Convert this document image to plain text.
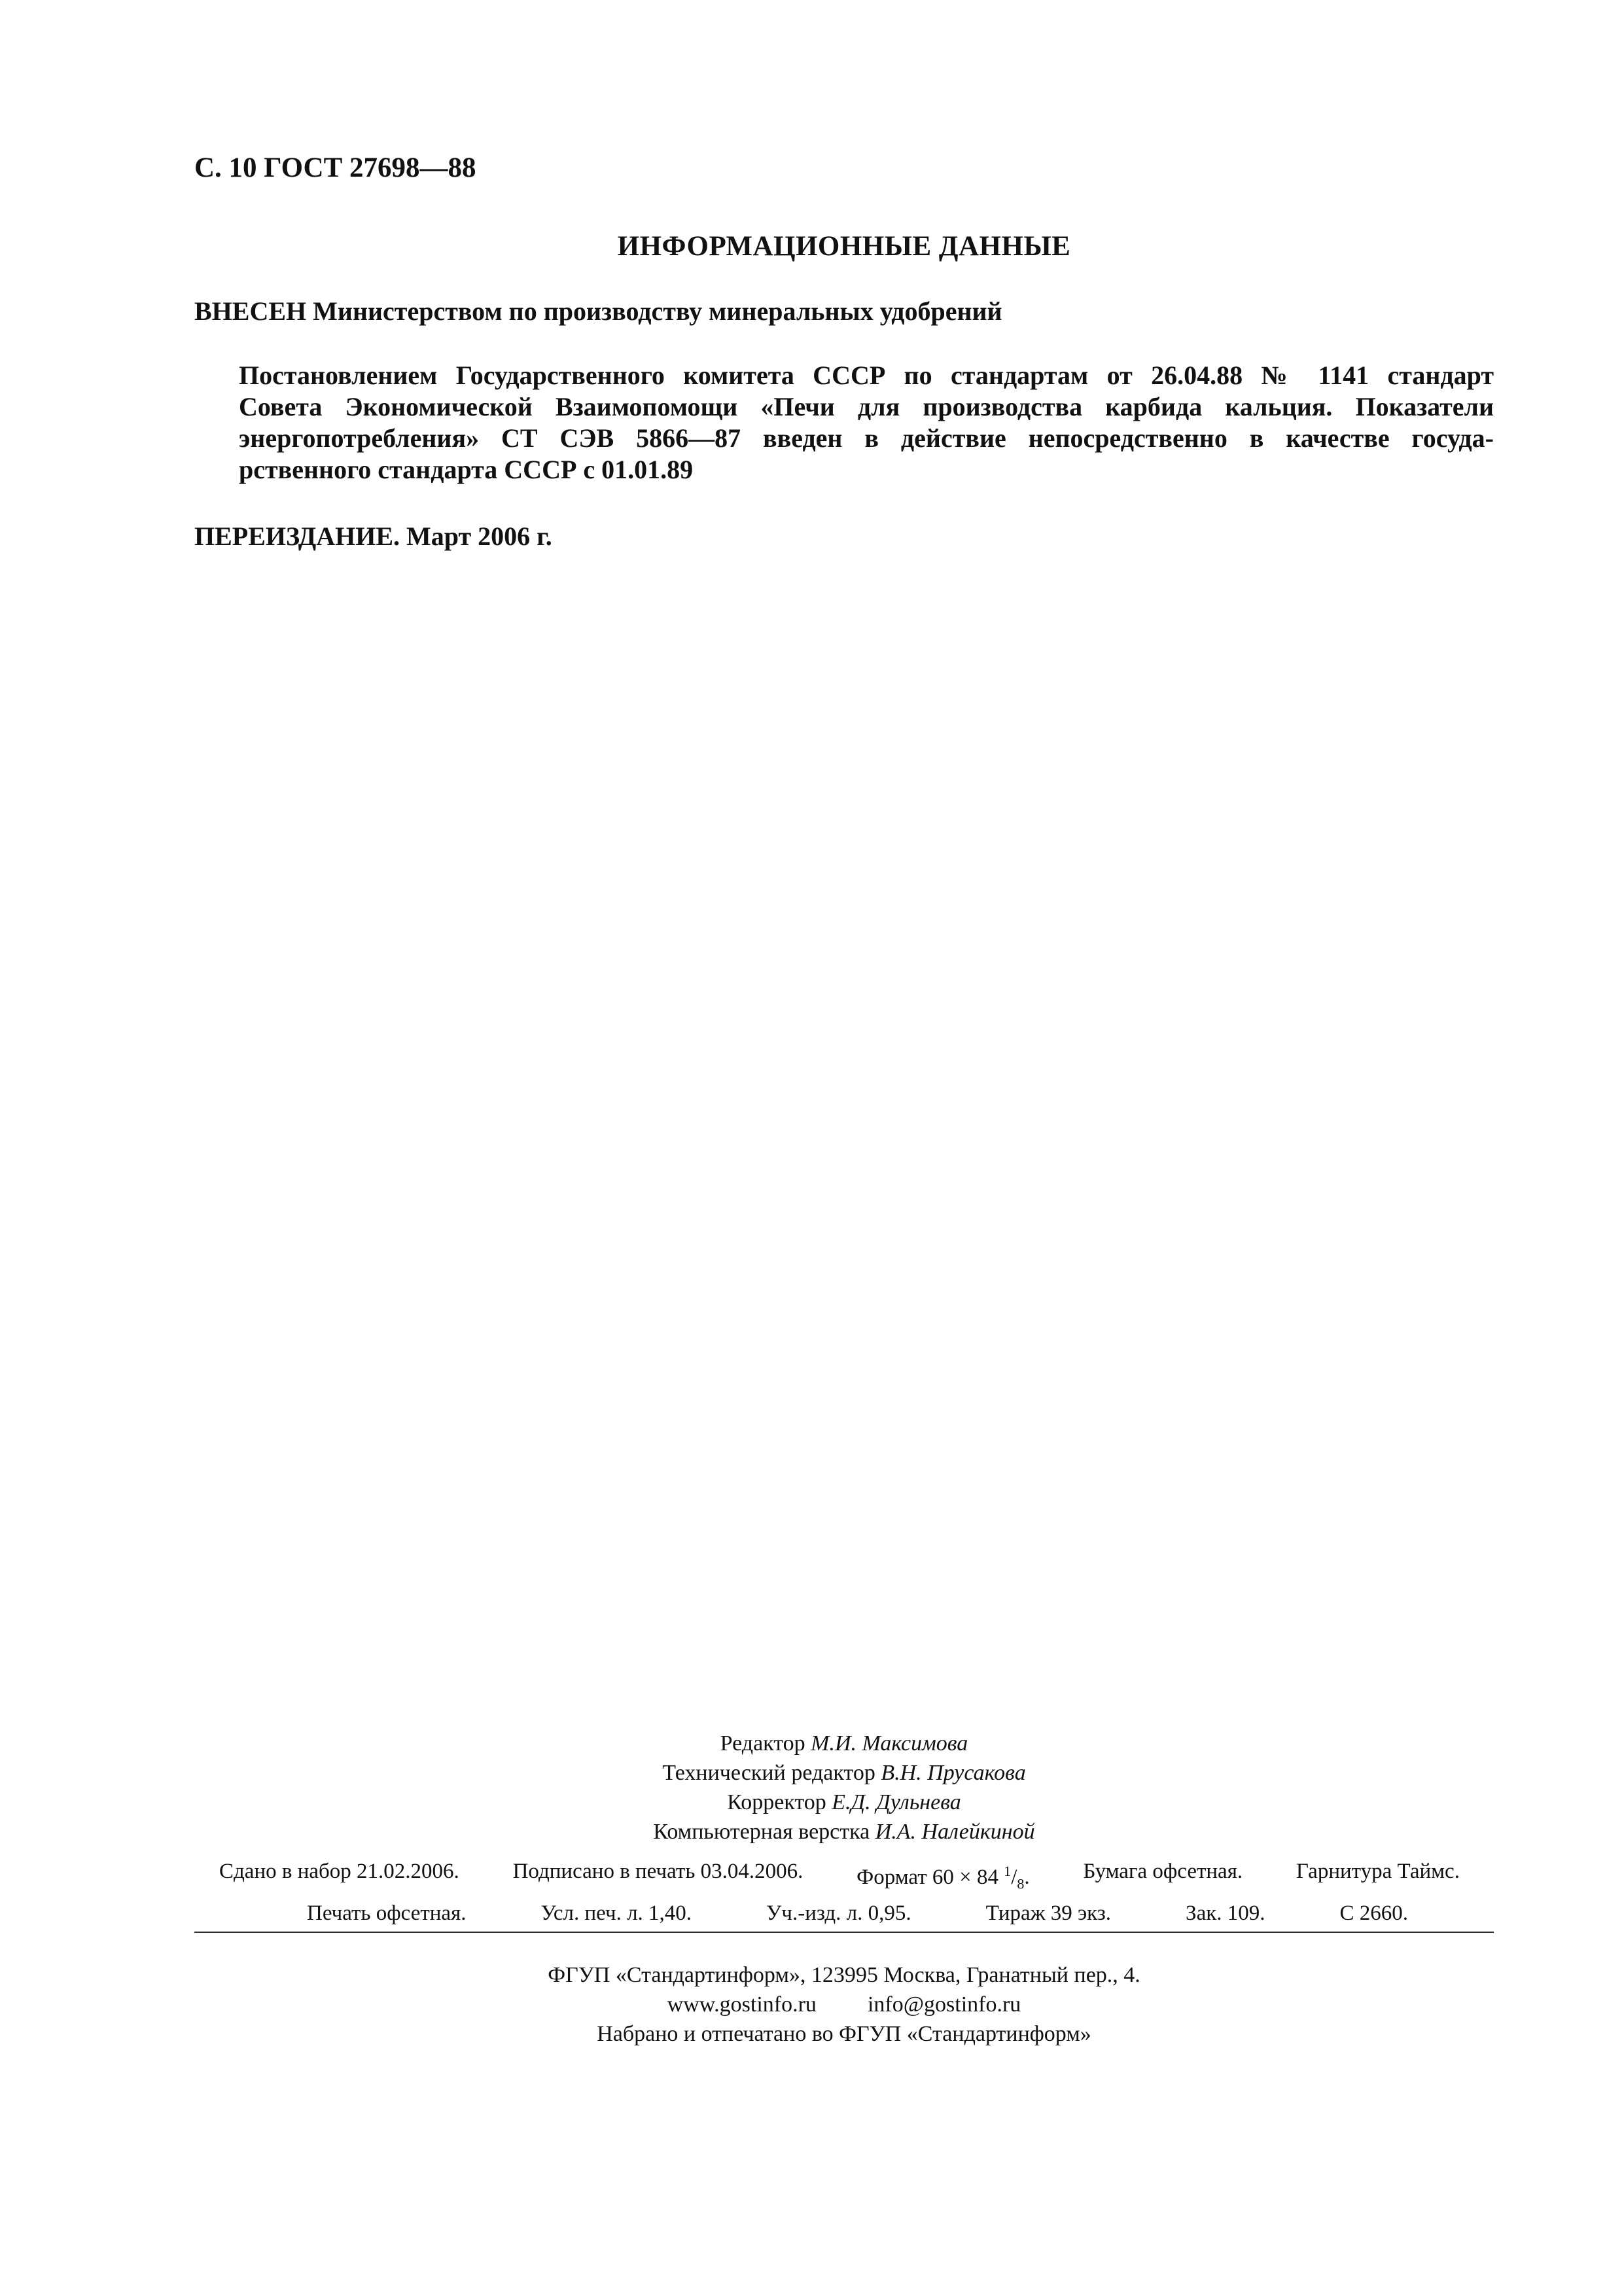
С. 10 ГОСТ 27698—88
ИНФОРМАЦИОННЫЕ ДАННЫЕ
ВНЕСЕН Министерством по производству минеральных удобрений
Постановлением Государственного комитета СССР по стандартам от 26.04.88 № 1141 стандарт
Совета Экономической Взаимопомощи «Печи для производства карбида кальция. Показатели
энергопотребления» СТ СЭВ 5866—87 введен в действие непосредственно в качестве госуда-
рственного стандарта СССР с 01.01.89
ПЕРЕИЗДАНИЕ. Март 2006 г.
Редактор М.И. Максимова
Технический редактор В.Н. Прусакова
Корректор Е.Д. Дульнева
Компьютерная верстка И.А. Налейкиной
Сдано в набор 21.02.2006. Подписано в печать 03.04.2006. Формат 60 × 84 $^1/_8$. Бумага офсетная. Гарнитура Таймс.
Печать офсетная.	Усл. печ. л. 1,40.	Уч.-изд. л. 0,95.	Тираж 39 экз.	Зак. 109.	С 2660.
ФГУП «Стандартинформ», 123995 Москва, Гранатный пер., 4.
www.gostinfo.ru info@gostinfo.ru
Набрано и отпечатано во ФГУП «Стандартинформ»
